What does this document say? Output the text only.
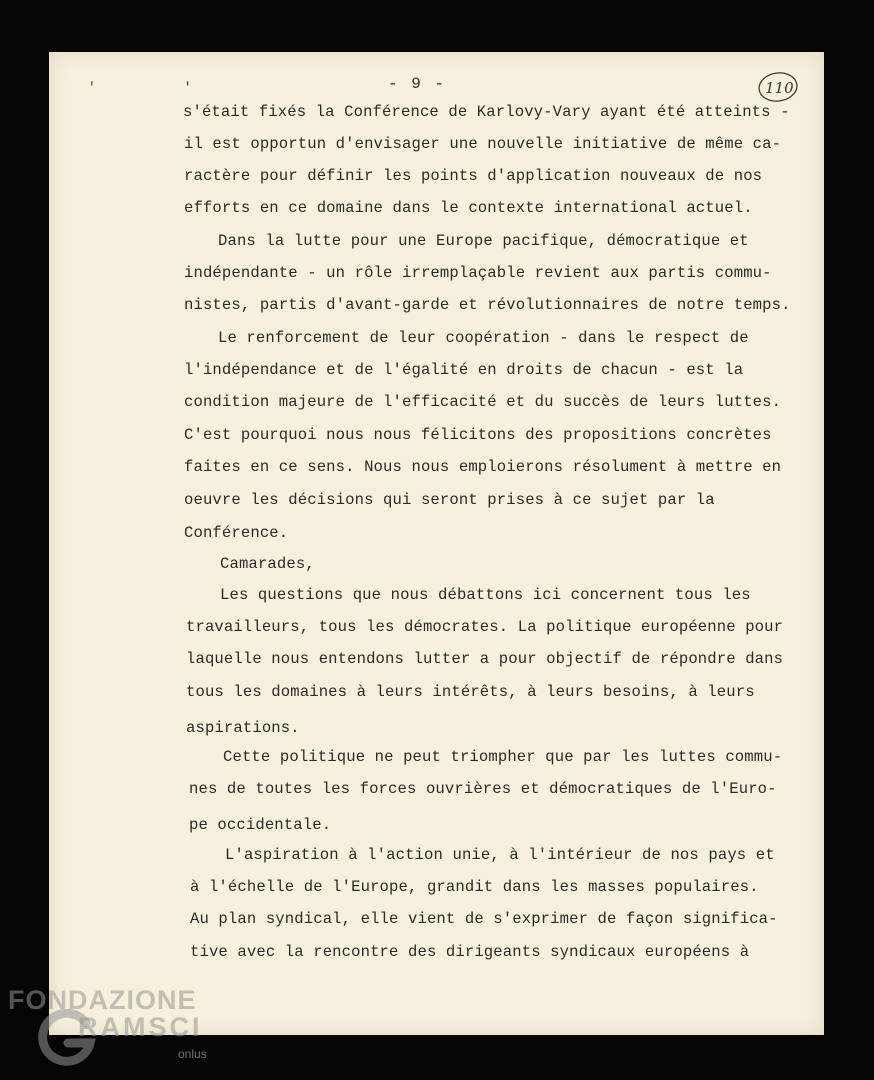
' '	- 9 -	110

s'était fixés la Conférence de Karlovy-Vary ayant été atteints -

il est opportun d'envisager une nouvelle initiative de même ca-

ractère pour définir les points d'application nouveaux de nos

efforts en ce domaine dans le contexte international actuel.

Dans la lutte pour une Europe pacifique, démocratique et

indépendante - un rôle irremplaçable revient aux partis commu-

nistes, partis d'avant-garde et révolutionnaires de notre temps.

Le renforcement de leur coopération - dans le respect de

l'indépendance et de l'égalité en droits de chacun - est la

condition majeure de l'efficacité et du succès de leurs luttes.

C'est pourquoi nous nous félicitons des propositions concrètes

faites en ce sens. Nous nous emploierons résolument à mettre en

oeuvre les décisions qui seront prises à ce sujet par la

Conférence.

Camarades,

Les questions que nous débattons ici concernent tous les

travailleurs, tous les démocrates. La politique européenne pour

laquelle nous entendons lutter a pour objectif de répondre dans

tous les domaines à leurs intérêts, à leurs besoins, à leurs

aspirations.

Cette politique ne peut triompher que par les luttes commu-

nes de toutes les forces ouvrières et démocratiques de l'Euro-

pe occidentale.

L'aspiration à l'action unie, à l'intérieur de nos pays et

à l'échelle de l'Europe, grandit dans les masses populaires.

Au plan syndical, elle vient de s'exprimer de façon significa-

tive avec la rencontre des dirigeants syndicaux européens à

FONDAZIONE
RAMSCI
onlus
